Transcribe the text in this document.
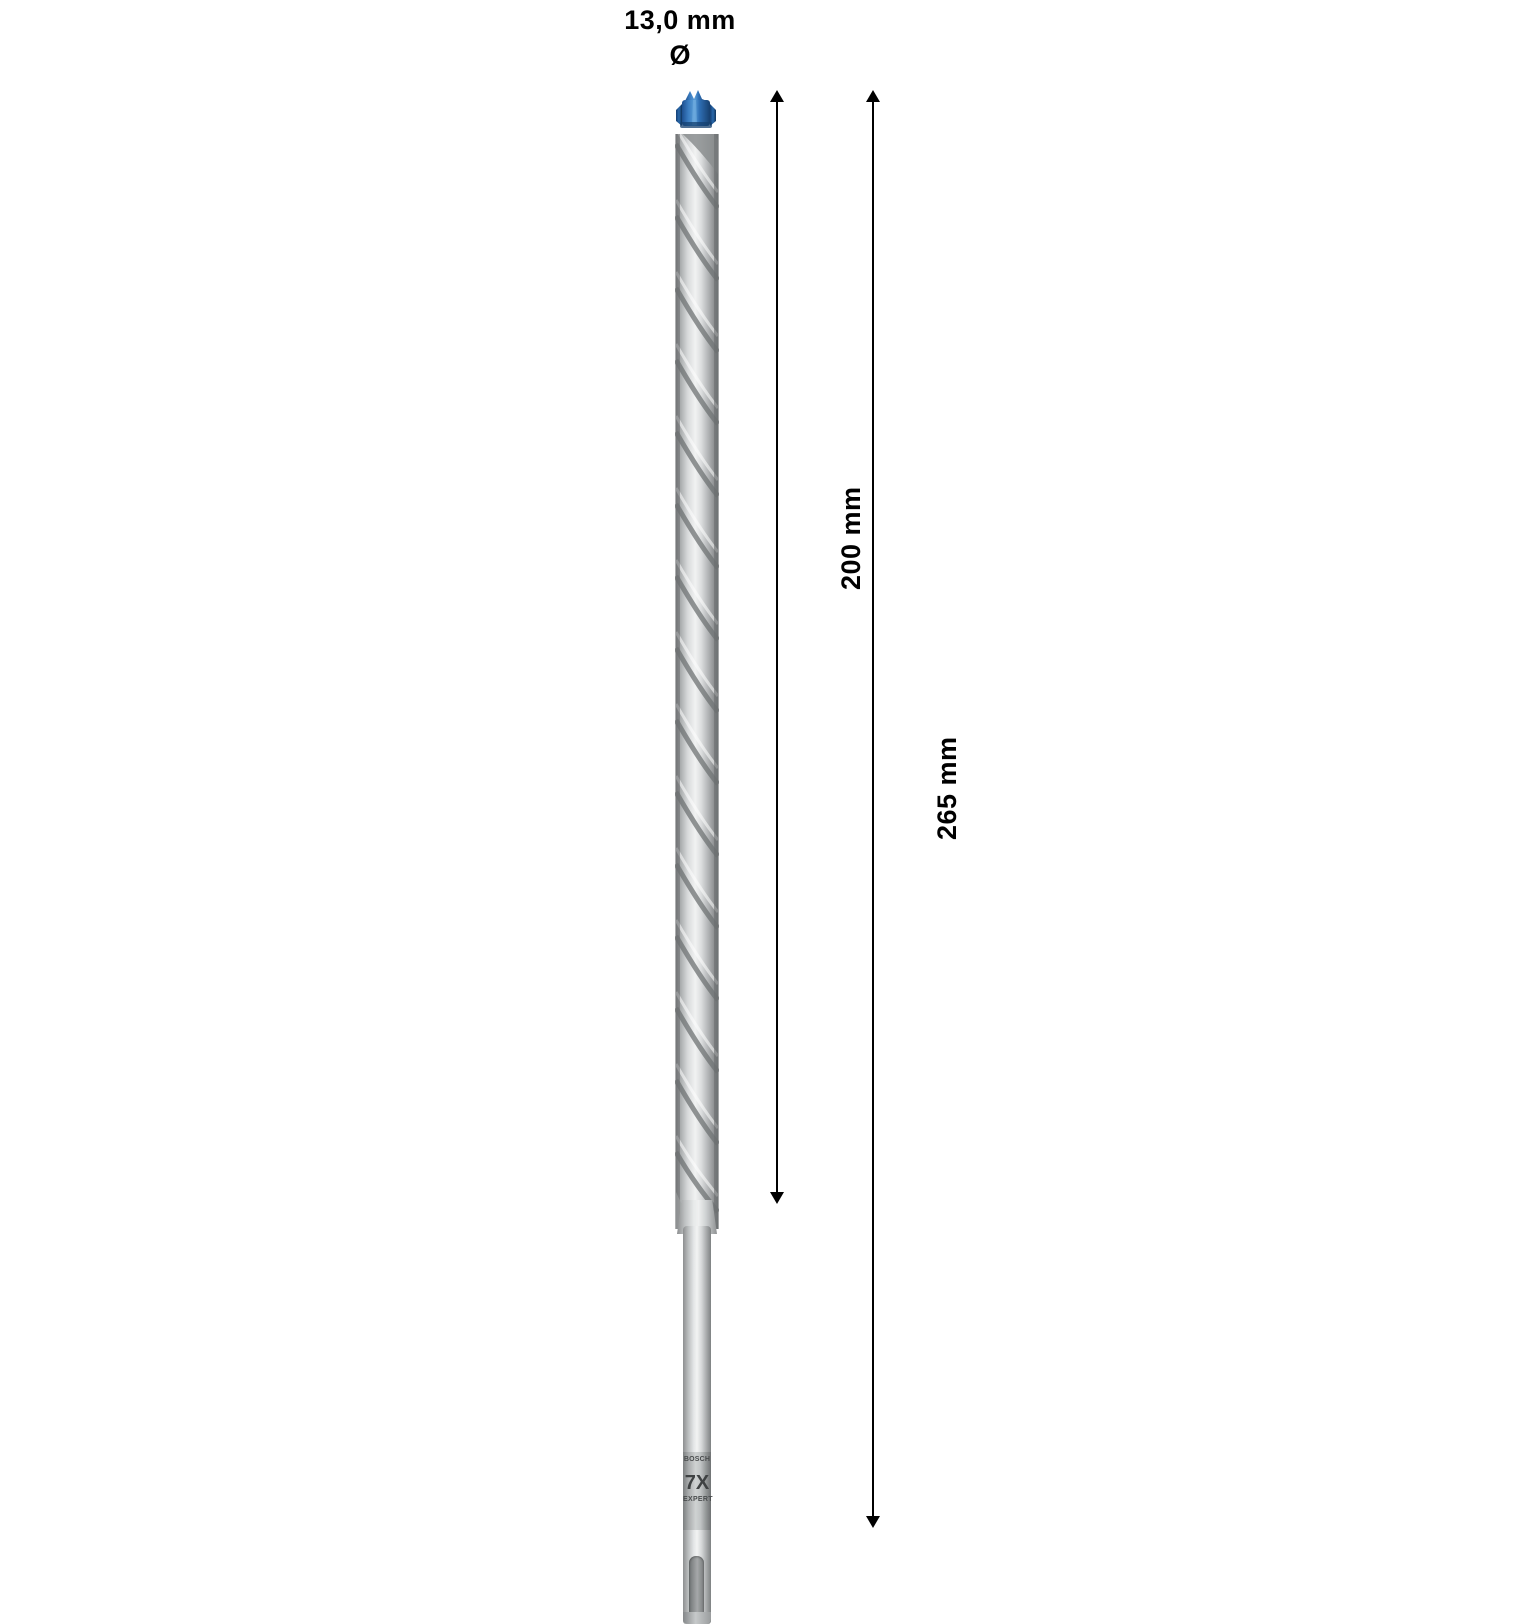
13,0 mm
Ø
BOSCH
7X
EXPERT
200 mm
265 mm
